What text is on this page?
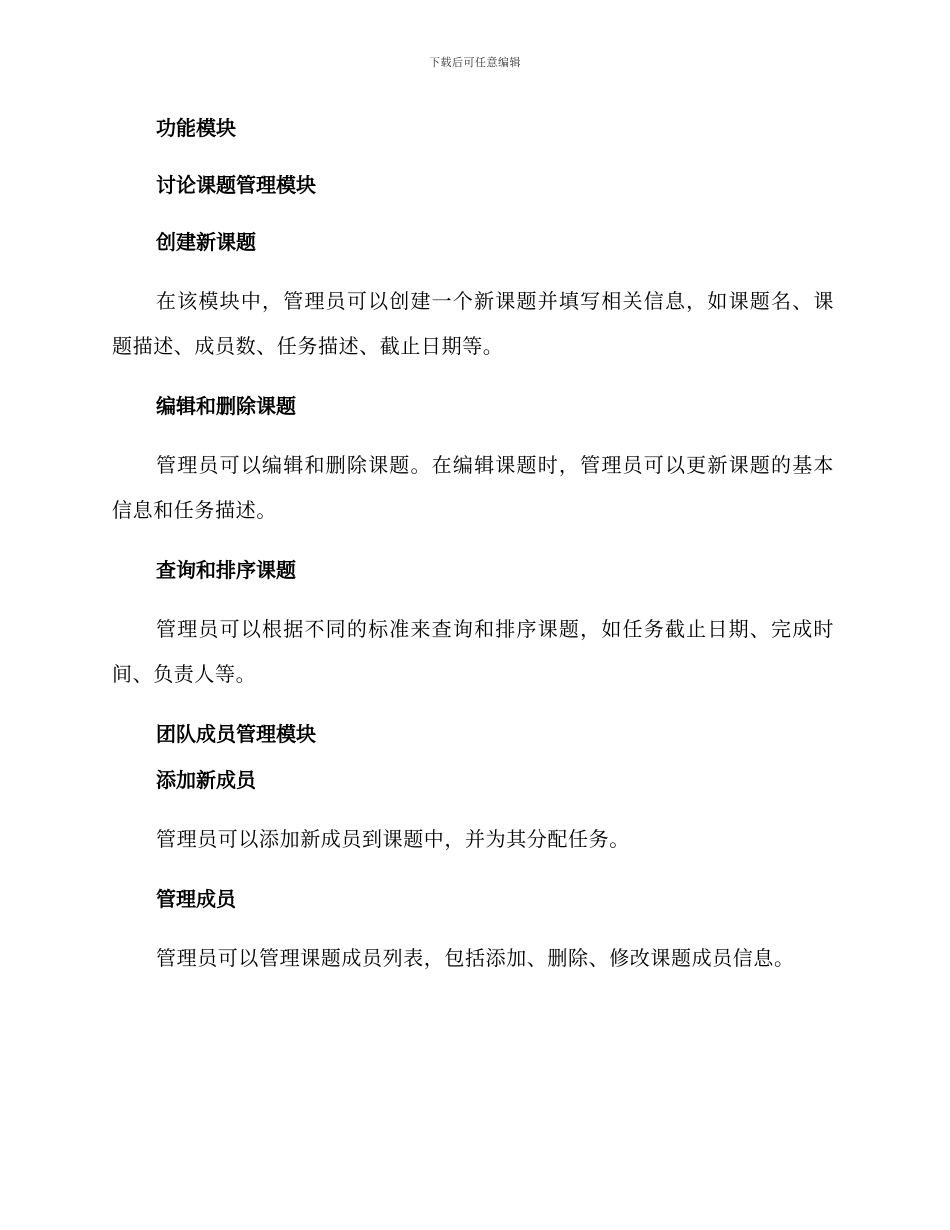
下载后可任意编辑
功能模块
讨论课题管理模块
创建新课题

在该模块中，管理员可以创建一个新课题并填写相关信息，如课题名、课题描述、成员数、任务描述、截止日期等。

编辑和删除课题

管理员可以编辑和删除课题。在编辑课题时，管理员可以更新课题的基本信息和任务描述。

查询和排序课题

管理员可以根据不同的标准来查询和排序课题，如任务截止日期、完成时间、负责人等。

团队成员管理模块
添加新成员

管理员可以添加新成员到课题中，并为其分配任务。

管理成员

管理员可以管理课题成员列表，包括添加、删除、修改课题成员信息。
